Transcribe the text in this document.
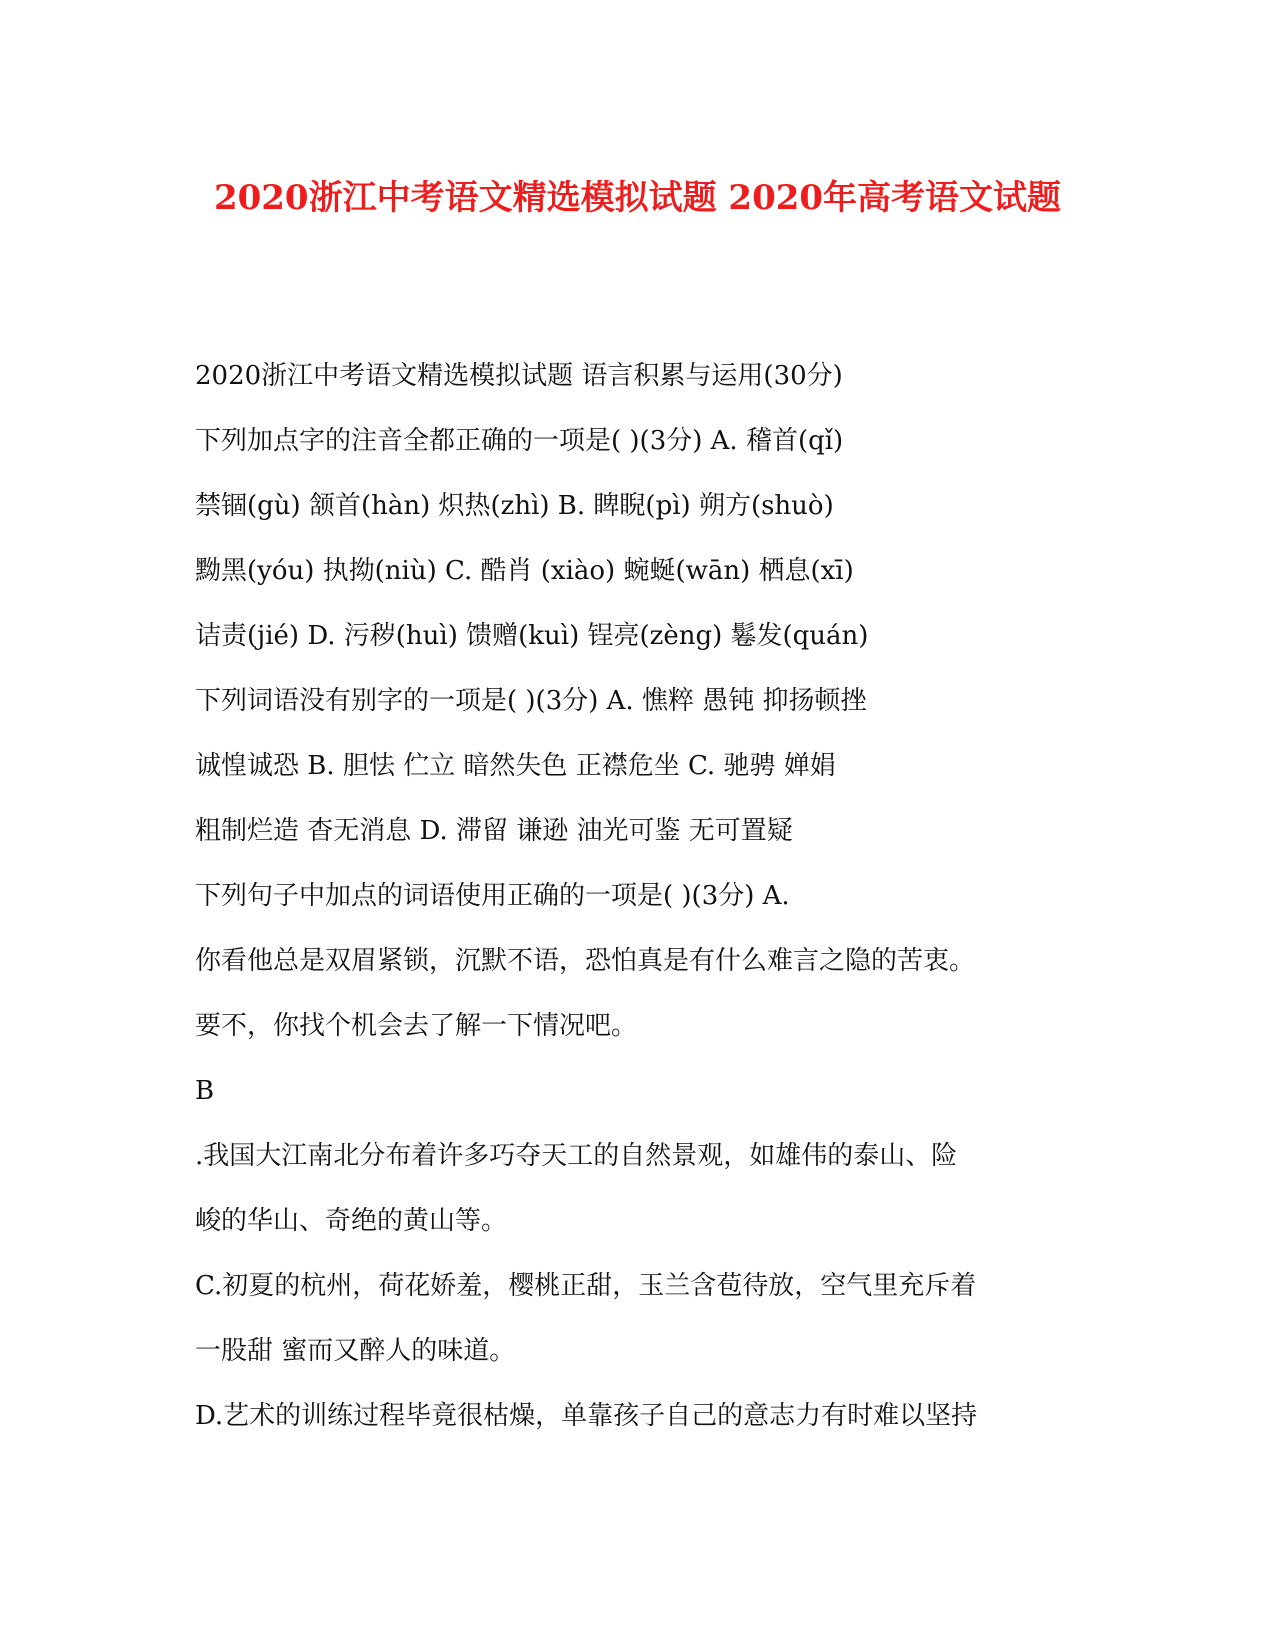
2020浙江中考语文精选模拟试题 2020年高考语文试题
2020浙江中考语文精选模拟试题 语言积累与运用(30分)
下列加点字的注音全都正确的一项是( )(3分) A. 稽首(qǐ)
禁锢(gù) 颔首(hàn) 炽热(zhì) B. 睥睨(pì) 朔方(shuò)
黝黑(yóu) 执拗(niù) C. 酷肖 (xiào) 蜿蜒(wān) 栖息(xī)
诘责(jié) D. 污秽(huì) 馈赠(kuì) 锃亮(zèng) 鬈发(quán)
下列词语没有别字的一项是( )(3分) A. 憔粹 愚钝 抑扬顿挫
诚惶诚恐 B. 胆怯 伫立 暗然失色 正襟危坐 C. 驰骋 婵娟
粗制烂造 杳无消息 D. 滞留 谦逊 油光可鉴 无可置疑
下列句子中加点的词语使用正确的一项是( )(3分) A.
你看他总是双眉紧锁，沉默不语，恐怕真是有什么难言之隐的苦衷。
要不，你找个机会去了解一下情况吧。
B
.我国大江南北分布着许多巧夺天工的自然景观，如雄伟的泰山、险
峻的华山、奇绝的黄山等。
C.初夏的杭州，荷花娇羞，樱桃正甜，玉兰含苞待放，空气里充斥着
一股甜 蜜而又醉人的味道。
D.艺术的训练过程毕竟很枯燥，单靠孩子自己的意志力有时难以坚持
